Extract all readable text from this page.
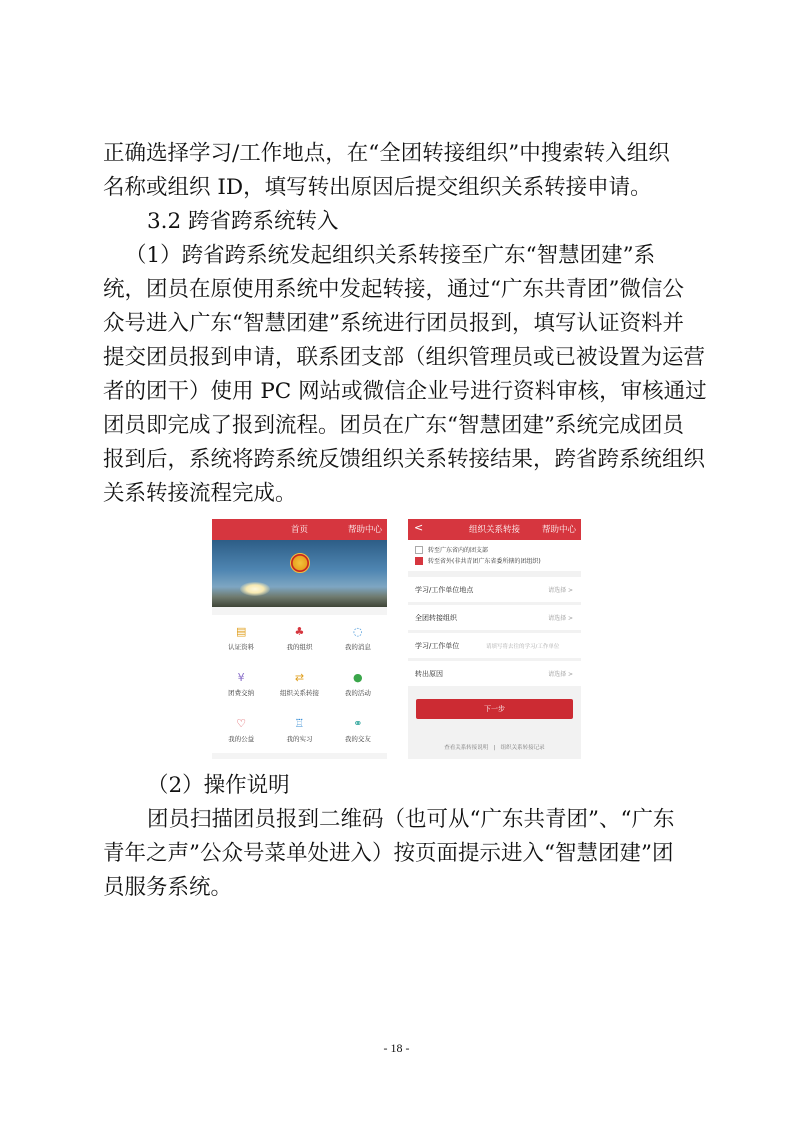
正确选择学习/工作地点，在“全团转接组织”中搜索转入组织
名称或组织 ID，填写转出原因后提交组织关系转接申请。
3.2 跨省跨系统转入
（1）跨省跨系统发起组织关系转接至广东“智慧团建”系
统，团员在原使用系统中发起转接，通过“广东共青团”微信公
众号进入广东“智慧团建”系统进行团员报到，填写认证资料并
提交团员报到申请，联系团支部（组织管理员或已被设置为运营
者的团干）使用 PC 网站或微信企业号进行资料审核，审核通过
团员即完成了报到流程。团员在广东“智慧团建”系统完成团员
报到后，系统将跨系统反馈组织关系转接结果，跨省跨系统组织
关系转接流程完成。
首页	帮助中心
▤
认证资料
♣
我的组织
◌
我的消息
¥
团费交纳
⇄
组织关系转接
●
我的活动
♡
我的公益
♖
我的实习
⚭
我的交友
<	组织关系转接	帮助中心
转至广东省内的团支部
转至省外(非共青团广东省委所辖的团组织)
学习/工作单位地点	请选择 >
全团转接组织	请选择 >
学习/工作单位	请填写将去往的学习/工作单位
转出原因	请选择 >
下一步
查看关系转接说明   |   组织关系转接记录
（2）操作说明
团员扫描团员报到二维码（也可从“广东共青团”、“广东
青年之声”公众号菜单处进入）按页面提示进入“智慧团建”团
员服务系统。
- 18 -
